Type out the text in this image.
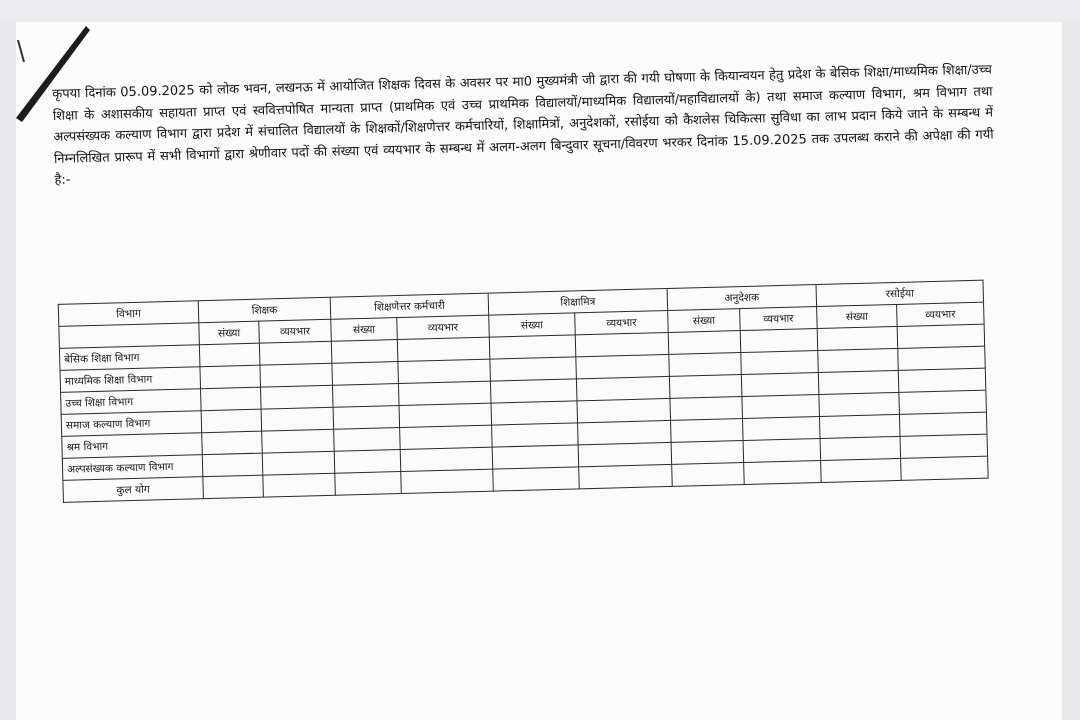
कृपया दिनांक 05.09.2025 को लोक भवन, लखनऊ में आयोजित शिक्षक दिवस के अवसर पर मा0 मुख्यमंत्री जी द्वारा की गयी घोषणा के कियान्वयन हेतु प्रदेश के बेसिक शिक्षा/माध्यमिक शिक्षा/उच्च शिक्षा के अशासकीय सहायता प्राप्त एवं स्ववित्तपोषित मान्यता प्राप्त (प्राथमिक एवं उच्च प्राथमिक विद्यालयों/माध्यमिक विद्यालयों/महाविद्यालयों के) तथा समाज कल्याण विभाग, श्रम विभाग तथा अल्पसंख्यक कल्याण विभाग द्वारा प्रदेश में संचालित विद्यालयों के शिक्षकों/शिक्षणेत्तर कर्मचारियों, शिक्षामित्रों, अनुदेशकों, रसोईया को कैशलेस चिकित्सा सुविधा का लाभ प्रदान किये जाने के सम्बन्ध में निम्नलिखित प्रारूप में सभी विभागों द्वारा श्रेणीवार पदों की संख्या एवं व्ययभार के सम्बन्ध में अलग-अलग बिन्दुवार सूचना/विवरण भरकर दिनांक 15.09.2025 तक उपलब्ध कराने की अपेक्षा की गयी है:-

विभाग	शिक्षक		शिक्षणेत्तर कर्मचारी		शिक्षामित्र		अनुदेशक		रसोईया	
	संख्या	व्ययभार	संख्या	व्ययभार	संख्या	व्ययभार	संख्या	व्ययभार	संख्या	व्ययभार
बेसिक शिक्षा विभाग										
माध्यमिक शिक्षा विभाग										
उच्च शिक्षा विभाग										
समाज कल्याण विभाग										
श्रम विभाग										
अल्पसंख्यक कल्याण विभाग										
कुल योग										
